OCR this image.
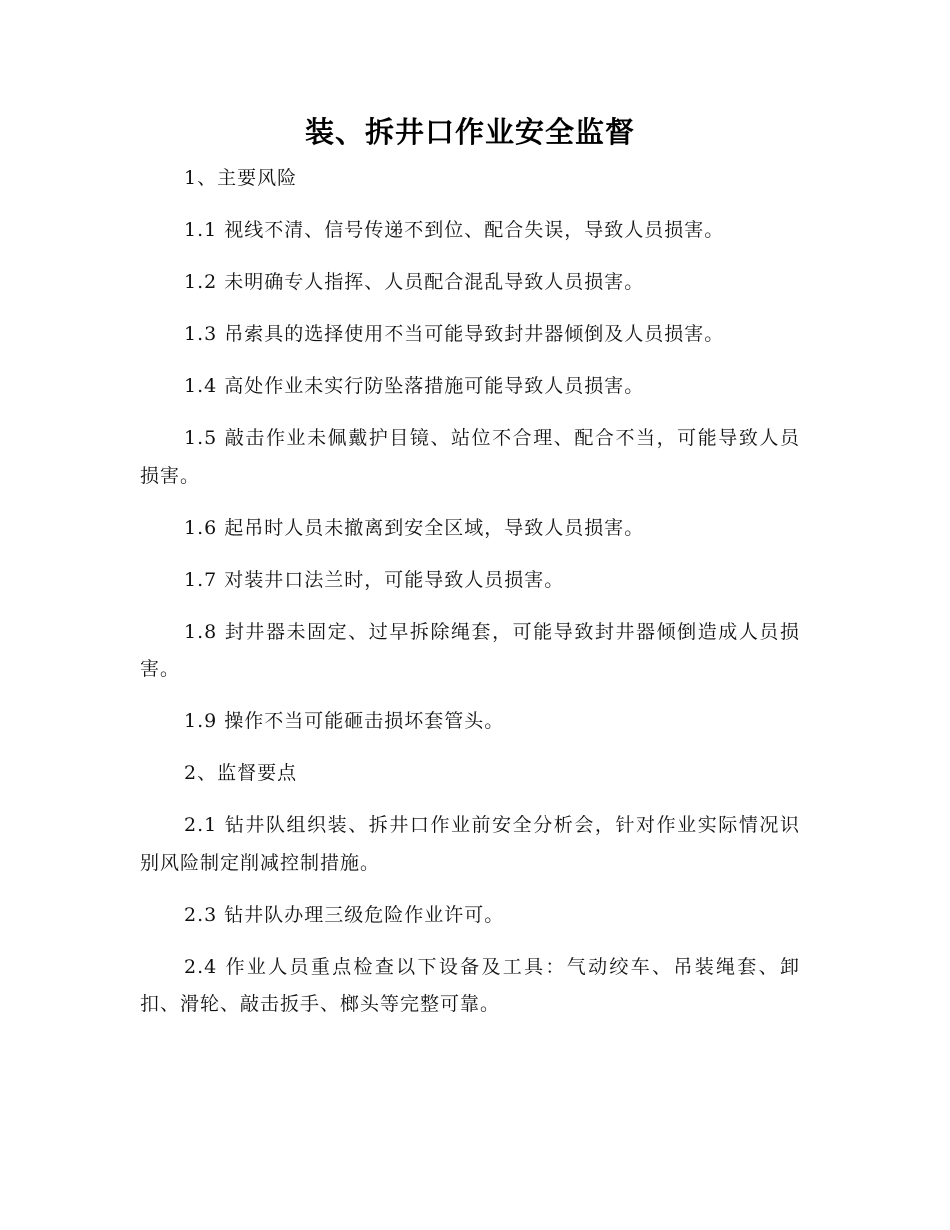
装、拆井口作业安全监督

1、主要风险

1.1 视线不清、信号传递不到位、配合失误，导致人员损害。

1.2 未明确专人指挥、人员配合混乱导致人员损害。

1.3 吊索具的选择使用不当可能导致封井器倾倒及人员损害。

1.4 高处作业未实行防坠落措施可能导致人员损害。

1.5 敲击作业未佩戴护目镜、站位不合理、配合不当，可能导致人员损害。

1.6 起吊时人员未撤离到安全区域，导致人员损害。

1.7 对装井口法兰时，可能导致人员损害。

1.8 封井器未固定、过早拆除绳套，可能导致封井器倾倒造成人员损害。

1.9 操作不当可能砸击损坏套管头。

2、监督要点

2.1 钻井队组织装、拆井口作业前安全分析会，针对作业实际情况识别风险制定削减控制措施。

2.3 钻井队办理三级危险作业许可。

2.4 作业人员重点检查以下设备及工具：气动绞车、吊装绳套、卸扣、滑轮、敲击扳手、榔头等完整可靠。
